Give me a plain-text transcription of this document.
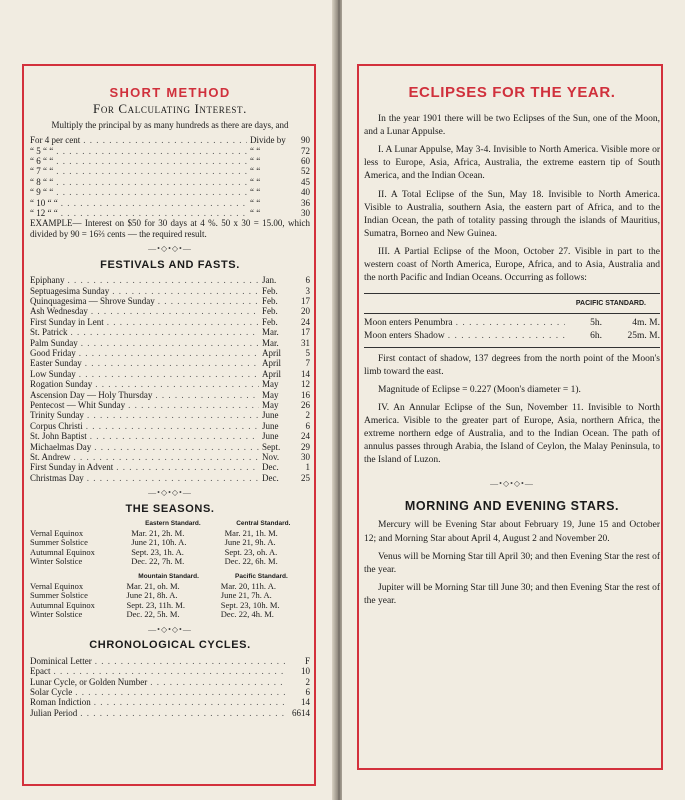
SHORT METHOD
For Calculating Interest.
Multiply the principal by as many hundreds as there are days, and
For 4 per cent . . .	Divide by	90
“ 5 “ “ . . .	“ “	72
“ 6 “ “ . . .	“ “	60
“ 7 “ “ . . .	“ “	52
“ 8 “ “ . . .	“ “	45
“ 9 “ “ . . .	“ “	40
“ 10 “ “ . . .	“ “	36
“ 12 “ “ . . .	“ “	30
EXAMPLE— Interest on $50 for 30 days at 4 %. 50 x 30 = 15.00, which divided by 90 = 16⅔ cents — the required result.
—•◇•◇•—
FESTIVALS AND FASTS.
Epiphany . . .	Jan.	6
Septuagesima Sunday . . .	Feb.	3
Quinquagesima — Shrove Sunday . . .	Feb.	17
Ash Wednesday . . .	Feb.	20
First Sunday in Lent . . .	Feb.	24
St. Patrick . . .	Mar.	17
Palm Sunday . . .	Mar.	31
Good Friday . . .	April	5
Easter Sunday . . .	April	7
Low Sunday . . .	April	14
Rogation Sunday . . .	May	12
Ascension Day — Holy Thursday . . .	May	16
Pentecost — Whit Sunday . . .	May	26
Trinity Sunday . . .	June	2
Corpus Christi . . .	June	6
St. John Baptist . . .	June	24
Michaelmas Day . . .	Sept.	29
St. Andrew . . .	Nov.	30
First Sunday in Advent . . .	Dec.	1
Christmas Day . . .	Dec.	25
—•◇•◇•—
THE SEASONS.
	Eastern Standard.	Central Standard.
Vernal Equinox	Mar. 21, 2h. M.	Mar. 21, 1h. M.
Summer Solstice	June 21, 10h. A.	June 21, 9h. A.
Autumnal Equinox	Sept. 23, 1h. A.	Sept. 23, oh. A.
Winter Solstice	Dec. 22, 7h. M.	Dec. 22, 6h. M.
	Mountain Standard.	Pacific Standard.
Vernal Equinox	Mar. 21, oh. M.	Mar. 20, 11h. A.
Summer Solstice	June 21, 8h. A.	June 21, 7h. A.
Autumnal Equinox	Sept. 23, 11h. M.	Sept. 23, 10h. M.
Winter Solstice	Dec. 22, 5h. M.	Dec. 22, 4h. M.
—•◇•◇•—
CHRONOLOGICAL CYCLES.
Dominical Letter . . .	F
Epact . . .	10
Lunar Cycle, or Golden Number . . .	2
Solar Cycle . . .	6
Roman Indiction . . .	14
Julian Period . . .	6614
ECLIPSES FOR THE YEAR.

In the year 1901 there will be two Eclipses of the Sun, one of the Moon, and a Lunar Appulse.

I. A Lunar Appulse, May 3-4. Invisible to North America. Visible more or less to Europe, Asia, Africa, Australia, the extreme eastern tip of South America, and the Indian Ocean.

II. A Total Eclipse of the Sun, May 18. Invisible to North America. Visible to Australia, southern Asia, the eastern part of Africa, and to the Indian Ocean, the path of totality passing through the islands of Mauritius, Sumatra, Borneo and New Guinea.

III. A Partial Eclipse of the Moon, October 27. Visible in part to the western coast of North America, Europe, Africa, and to Asia, Australia and the north Pacific and Indian Oceans. Occurring as follows:

PACIFIC STANDARD.
Moon enters Penumbra . . .	5h.	4m. M.
Moon enters Shadow . . .	6h.	25m. M.

First contact of shadow, 137 degrees from the north point of the Moon's limb toward the east.

Magnitude of Eclipse = 0.227 (Moon's diameter = 1).

IV. An Annular Eclipse of the Sun, November 11. Invisible to North America. Visible to the greater part of Europe, Asia, northern Africa, the extreme northern edge of Australia, and to the Indian Ocean. The path of annulus passes through Arabia, the Island of Ceylon, the Malay Peninsula, to the Island of Luzon.

—•◇•◇•—
MORNING AND EVENING STARS.

Mercury will be Evening Star about February 19, June 15 and October 12; and Morning Star about April 4, August 2 and November 20.

Venus will be Morning Star till April 30; and then Evening Star the rest of the year.

Jupiter will be Morning Star till June 30; and then Evening Star the rest of the year.
